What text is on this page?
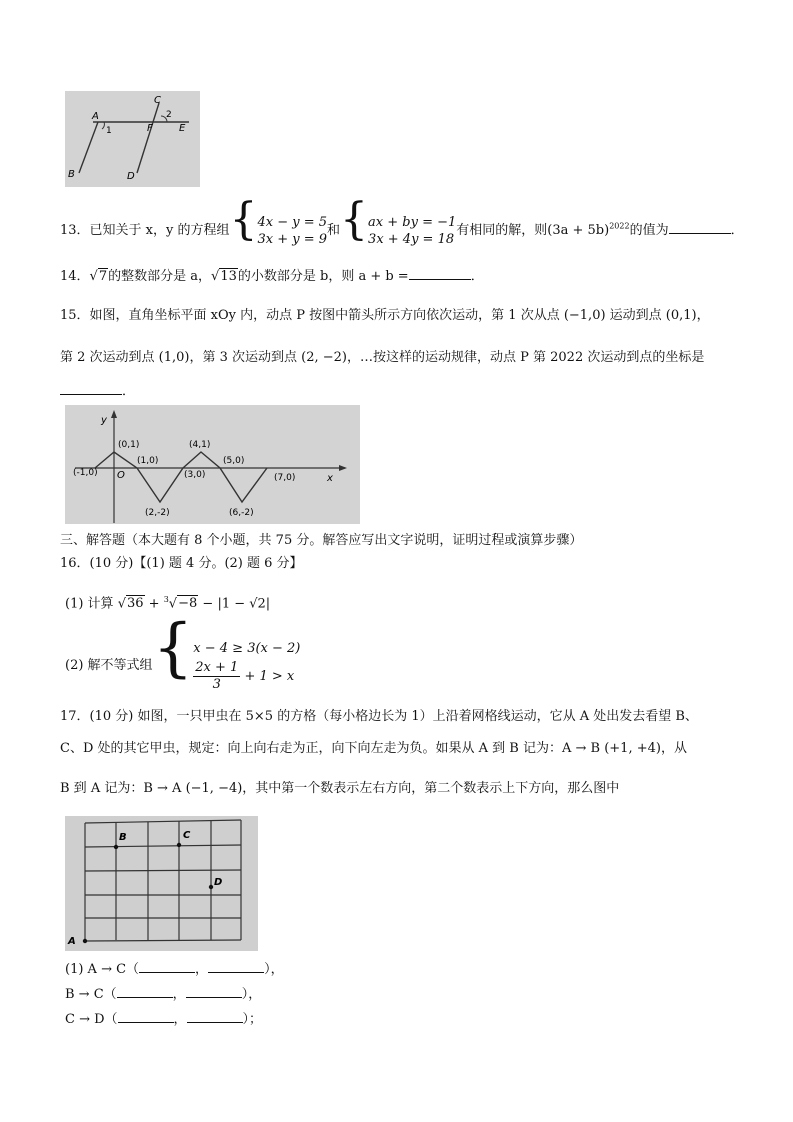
A
B
C
D
E
F
1
2
13．已知关于 x，y 的方程组{4x − y = 5
3x + y = 9和{ax + by = −1
3x + 4y = 18有相同的解，则$(3a + 5b)^{2022}$的值为	．
14．√7的整数部分是 a，√13的小数部分是 b，则 a + b =	．
15．如图，直角坐标平面 xOy 内，动点 P 按图中箭头所示方向依次运动，第 1 次从点 (−1,0) 运动到点 (0,1)，
第 2 次运动到点 (1,0)，第 3 次运动到点 (2, −2)，…按这样的运动规律，动点 P 第 2022 次运动到点的坐标是
．
y
x
O
(-1,0)
(0,1)
(1,0)
(2,-2)
(3,0)
(4,1)
(5,0)
(6,-2)
(7,0)
三、解答题（本大题有 8 个小题，共 75 分。解答应写出文字说明，证明过程或演算步骤）
16．(10 分)【(1) 题 4 分。(2) 题 6 分】
(1) 计算 √36 + $^3$√−8 − |1 − √2|
(2) 解不等式组{x − 4 ≥ 3(x − 2)

$\frac{2x + 1}{3} + 1 > x$
17．(10 分) 如图，一只甲虫在 5×5 的方格（每小格边长为 1）上沿着网格线运动，它从 A 处出发去看望 B、
C、D 处的其它甲虫，规定：向上向右走为正，向下向左走为负。如果从 A 到 B 记为：A → B (+1, +4)，从
B 到 A 记为：B → A (−1, −4)，其中第一个数表示左右方向，第二个数表示上下方向，那么图中
A
B	C
D
(1) A → C（	，	），
B → C（	，	），
C → D（	，	）；
